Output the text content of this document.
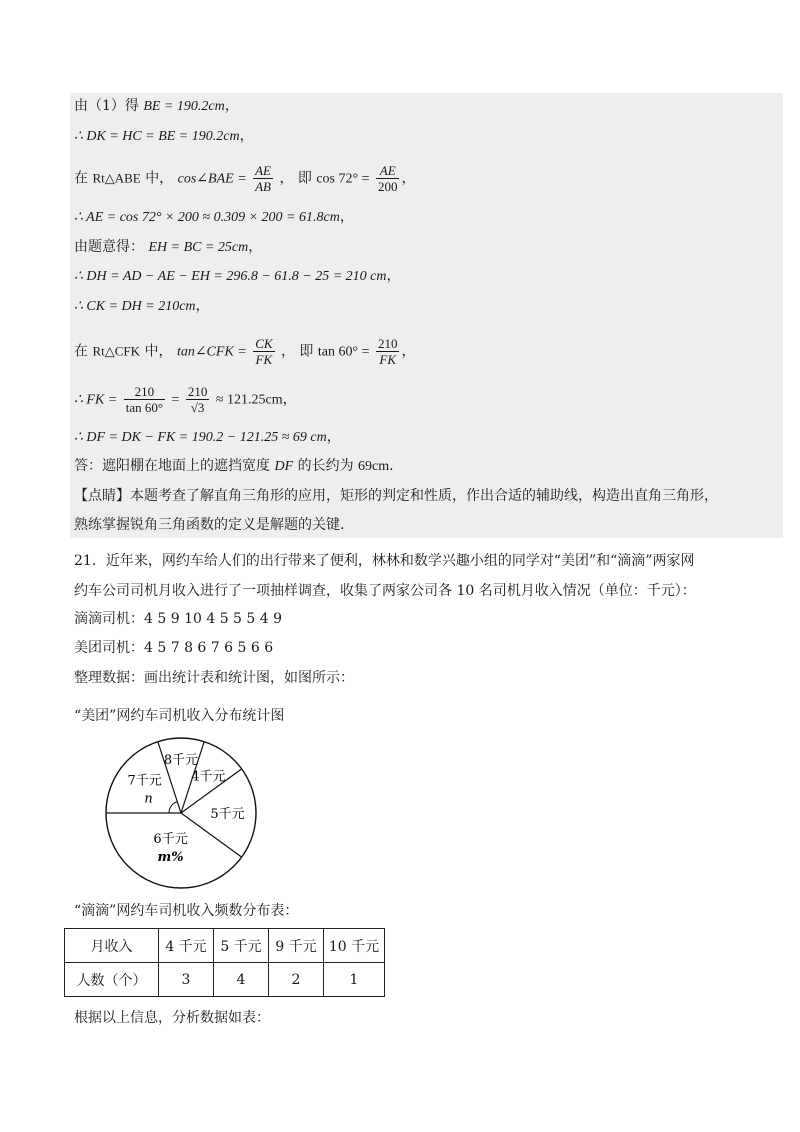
由（1）得 BE = 190.2cm，
∴ DK = HC = BE = 190.2cm，
在 Rt△ABE 中， cos∠BAE = $\frac{AE}{AB}$ ， 即 $\cos 72^\circ = \frac{AE}{200}$ ，
∴ AE = cos 72° × 200 ≈ 0.309 × 200 = 61.8cm，
由题意得： EH = BC = 25cm，
∴ DH = AD − AE − EH = 296.8 − 61.8 − 25 = 210 cm，
∴ CK = DH = 210cm，
在 Rt△CFK 中， tan∠CFK = $\frac{CK}{FK}$ ， 即 $\tan 60^\circ = \frac{210}{FK}$ ，
∴ FK = $\frac{210}{\tan 60^\circ} = \frac{210}{√3} \approx 121.25cm$，
∴ DF = DK − FK = 190.2 − 121.25 ≈ 69 cm，
答：遮阳棚在地面上的遮挡宽度 DF 的长约为 69cm.
【点睛】本题考查了解直角三角形的应用，矩形的判定和性质，作出合适的辅助线，构造出直角三角形，
熟练掌握锐角三角函数的定义是解题的关键.
21．近年来，网约车给人们的出行带来了便利，林林和数学兴趣小组的同学对“美团”和“滴滴”两家网
约车公司司机月收入进行了一项抽样调查，收集了两家公司各 10 名司机月收入情况（单位：千元）：
滴滴司机：4 5 9 10 4 5 5 5 4 9
美团司机：4 5 7 8 6 7 6 5 6 6
整理数据：画出统计表和统计图，如图所示：
“美团”网约车司机收入分布统计图
4千元
5千元
6千元
m%
7千元
n
8千元
“滴滴”网约车司机收入频数分布表：
月收入	4 千元	5 千元	9 千元	10 千元
人数（个）	3	4	2	1
根据以上信息，分析数据如表：
